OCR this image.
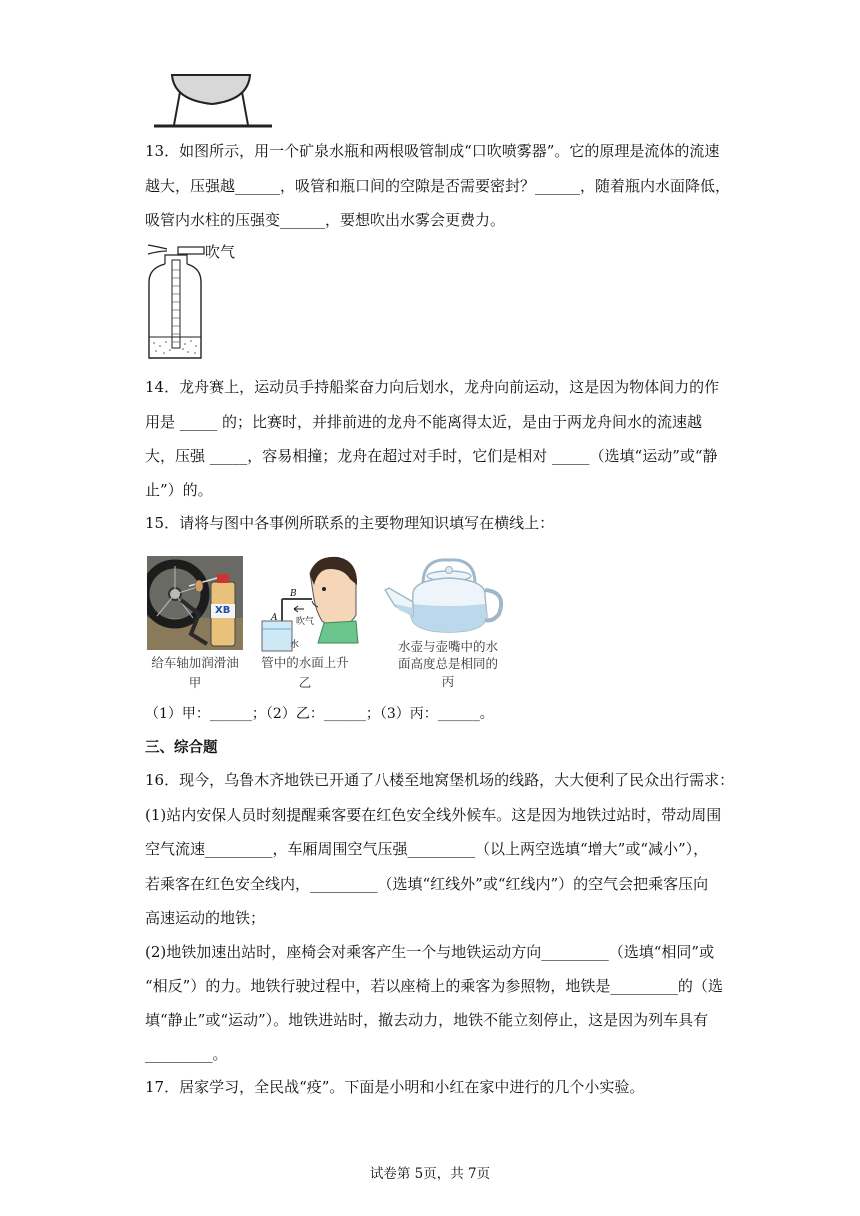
13．如图所示，用一个矿泉水瓶和两根吸管制成“口吹喷雾器”。它的原理是流体的流速
越大，压强越______，吸管和瓶口间的空隙是否需要密封？______，随着瓶内水面降低，
吸管内水柱的压强变______，要想吹出水雾会更费力。
吹气
14．龙舟赛上，运动员手持船桨奋力向后划水，龙舟向前运动，这是因为物体间力的作
用是 _____ 的；比赛时，并排前进的龙舟不能离得太近，是由于两龙舟间水的流速越
大，压强 _____，容易相撞；龙舟在超过对手时，它们是相对 _____（选填“运动”或“静
止”）的。
15．请将与图中各事例所联系的主要物理知识填写在横线上：
XB
给车轴加润滑油
甲
B
A 吹气
水
管中的水面上升
乙
水壶与壶嘴中的水
面高度总是相同的
丙
（1）甲：______；（2）乙：______；（3）丙：______。
三、综合题
16．现今，乌鲁木齐地铁已开通了八楼至地窝堡机场的线路，大大便利了民众出行需求：
(1)站内安保人员时刻提醒乘客要在红色安全线外候车。这是因为地铁过站时，带动周围
空气流速_________，车厢周围空气压强_________（以上两空选填“增大”或“减小”），
若乘客在红色安全线内，_________（选填“红线外”或“红线内”）的空气会把乘客压向
高速运动的地铁；
(2)地铁加速出站时，座椅会对乘客产生一个与地铁运动方向_________（选填“相同”或
“相反”）的力。地铁行驶过程中，若以座椅上的乘客为参照物，地铁是_________的（选
填“静止”或“运动”）。地铁进站时，撤去动力，地铁不能立刻停止，这是因为列车具有
_________。
17．居家学习，全民战“疫”。下面是小明和小红在家中进行的几个小实验。
试卷第 5页，共 7页
